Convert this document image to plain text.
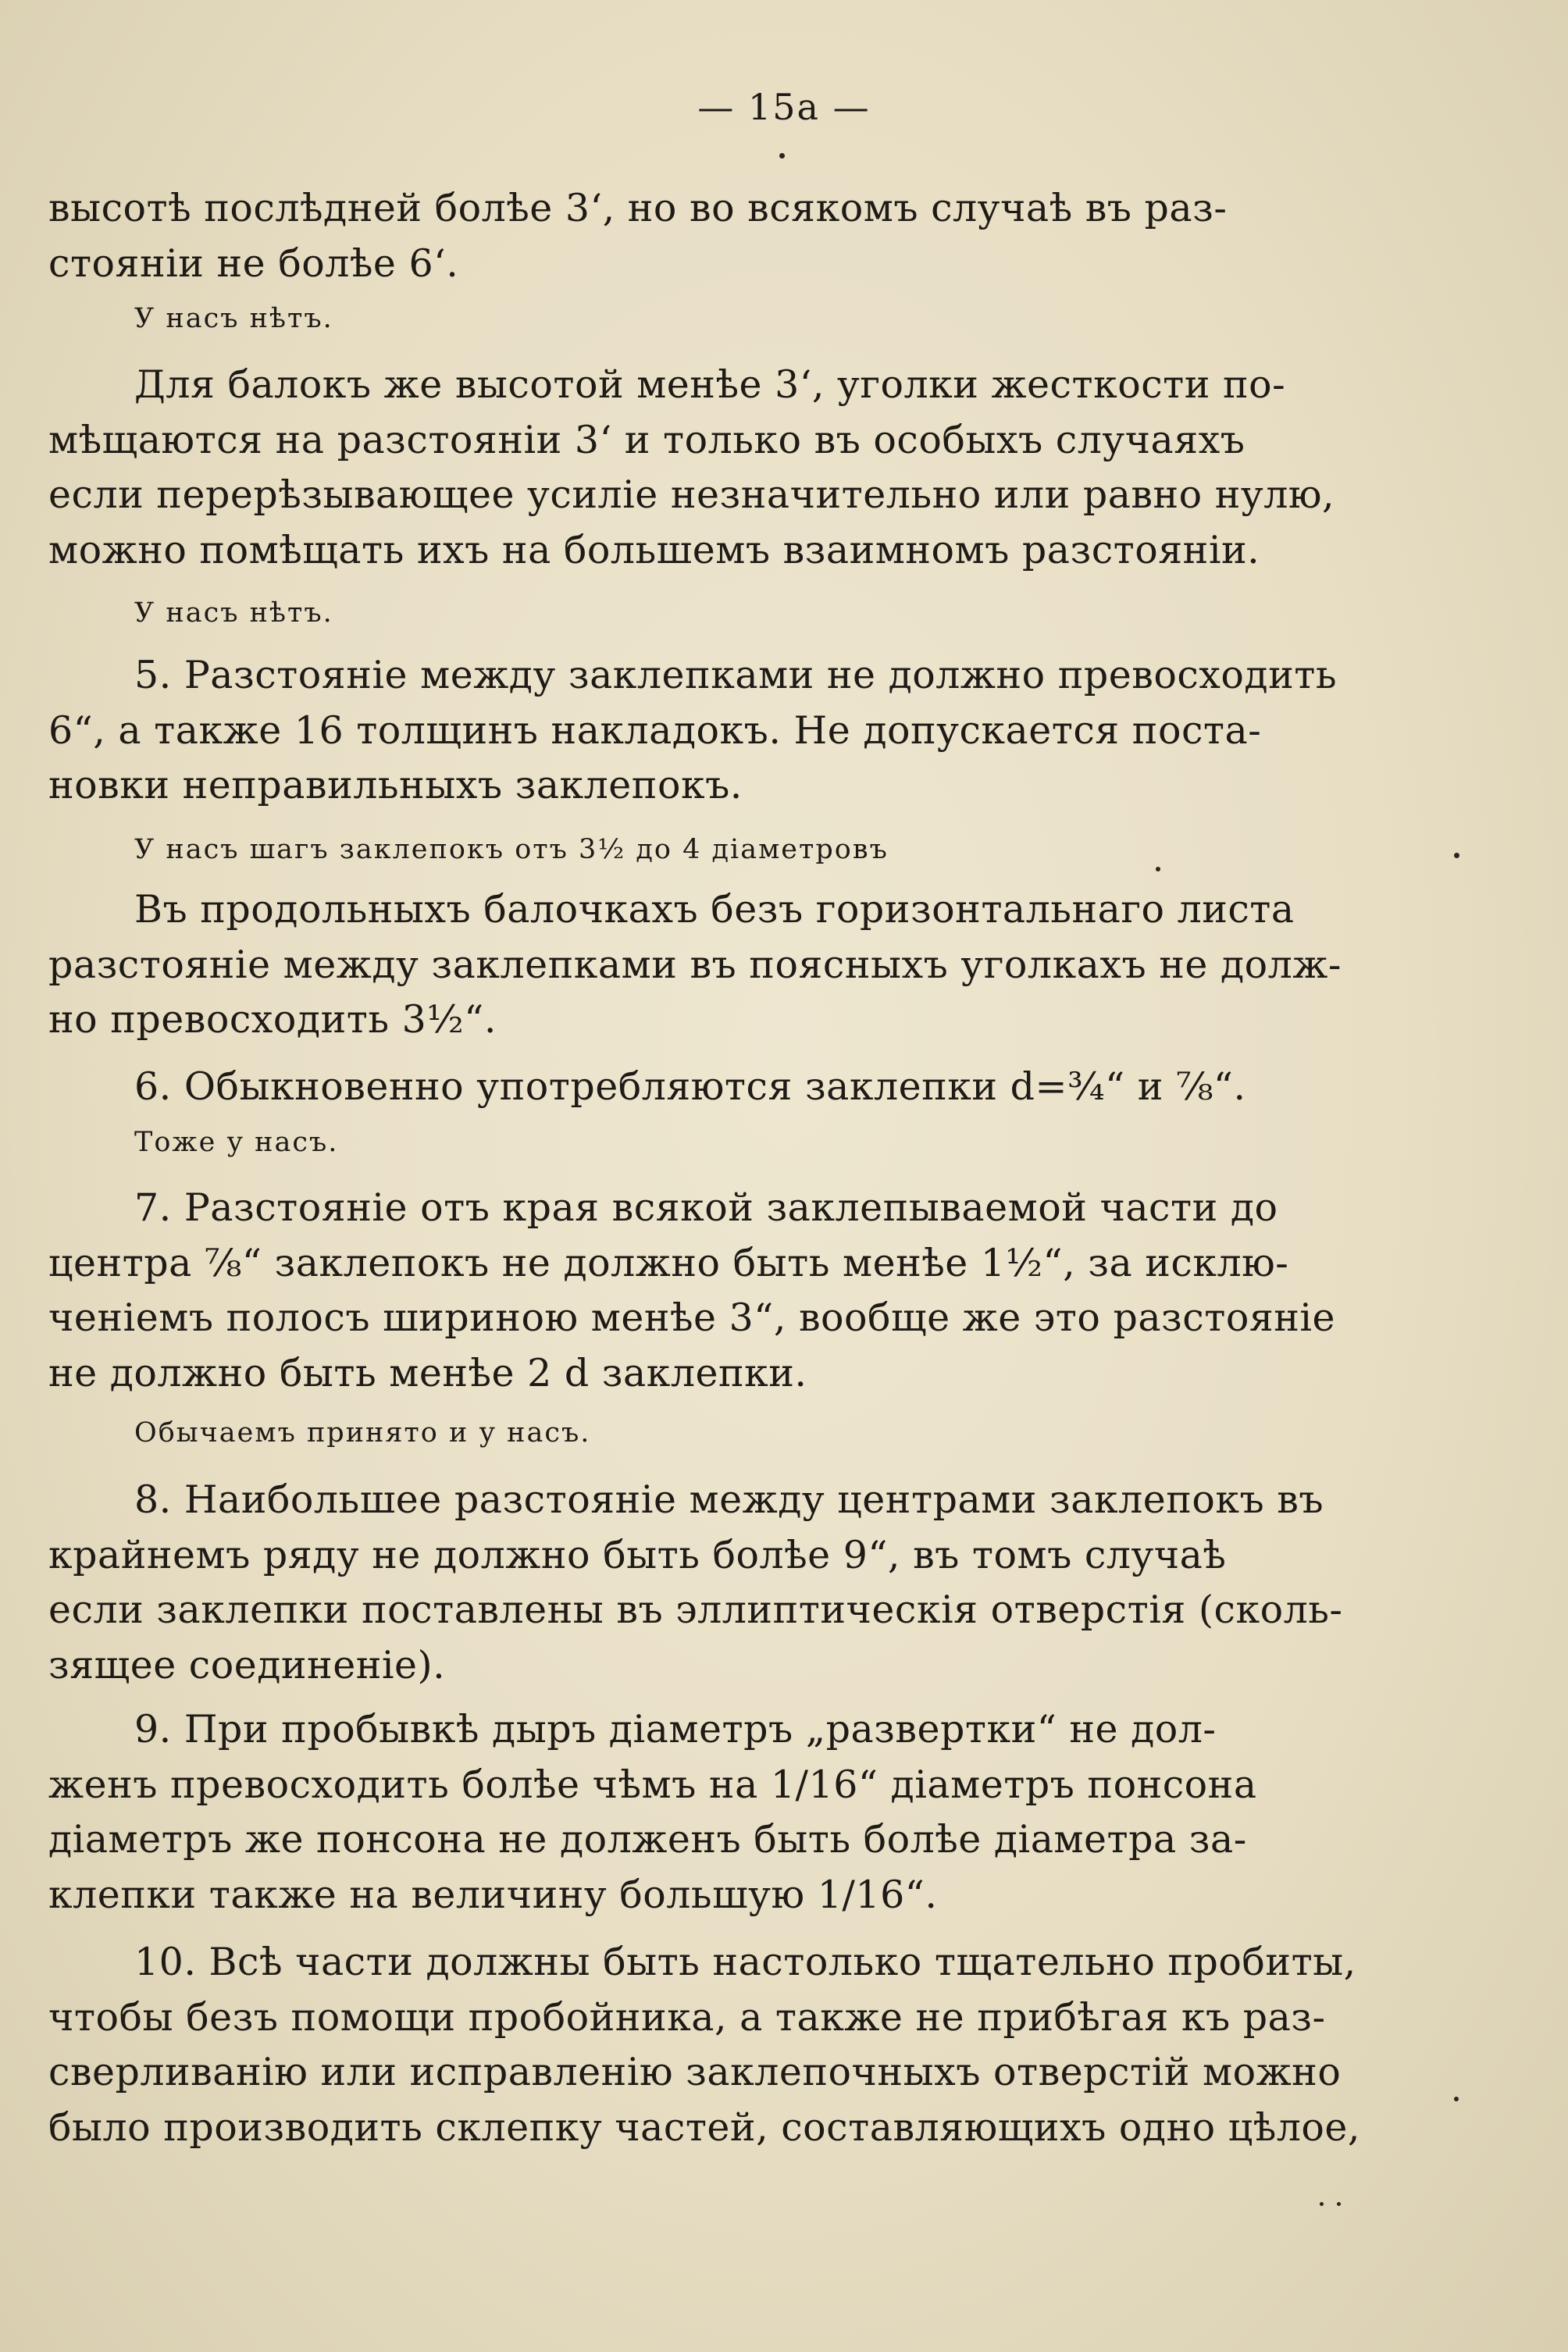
— 15а —
высотѣ послѣдней болѣе 3‘, но во всякомъ случаѣ въ раз-
стояніи не болѣе 6‘.
У насъ нѣтъ.
Для балокъ же высотой менѣе 3‘, уголки жесткости по-
мѣщаются на разстояніи 3‘ и только въ особыхъ случаяхъ
если перерѣзывающее усиліе незначительно или равно нулю,
можно помѣщать ихъ на большемъ взаимномъ разстояніи.
У насъ нѣтъ.
5. Разстояніе между заклепками не должно превосходить
6“, а также 16 толщинъ накладокъ. Не допускается поста-
новки неправильныхъ заклепокъ.
У насъ шагъ заклепокъ отъ 3½ до 4 діаметровъ
Въ продольныхъ балочкахъ безъ горизонтальнаго листа
разстояніе между заклепками въ поясныхъ уголкахъ не долж-
но превосходить 3½“.
6. Обыкновенно употребляются заклепки d=¾“ и ⅞“.
Тоже у насъ.
7. Разстояніе отъ края всякой заклепываемой части до
центра ⅞“ заклепокъ не должно быть менѣе 1½“, за исклю-
ченіемъ полосъ шириною менѣе 3“, вообще же это разстояніе
не должно быть менѣе 2 d заклепки.
Обычаемъ принято и у насъ.
8. Наибольшее разстояніе между центрами заклепокъ въ
крайнемъ ряду не должно быть болѣе 9“, въ томъ случаѣ
если заклепки поставлены въ эллиптическія отверстія (сколь-
зящее соединеніе).
9. При пробывкѣ дыръ діаметръ „развертки“ не дол-
женъ превосходить болѣе чѣмъ на 1/16“ діаметръ понсона
діаметръ же понсона не долженъ быть болѣе діаметра за-
клепки также на величину большую 1/16“.
10. Всѣ части должны быть настолько тщательно пробиты,
чтобы безъ помощи пробойника, а также не прибѣгая къ раз-
сверливанію или исправленію заклепочныхъ отверстій можно
было производить склепку частей, составляющихъ одно цѣлое,
